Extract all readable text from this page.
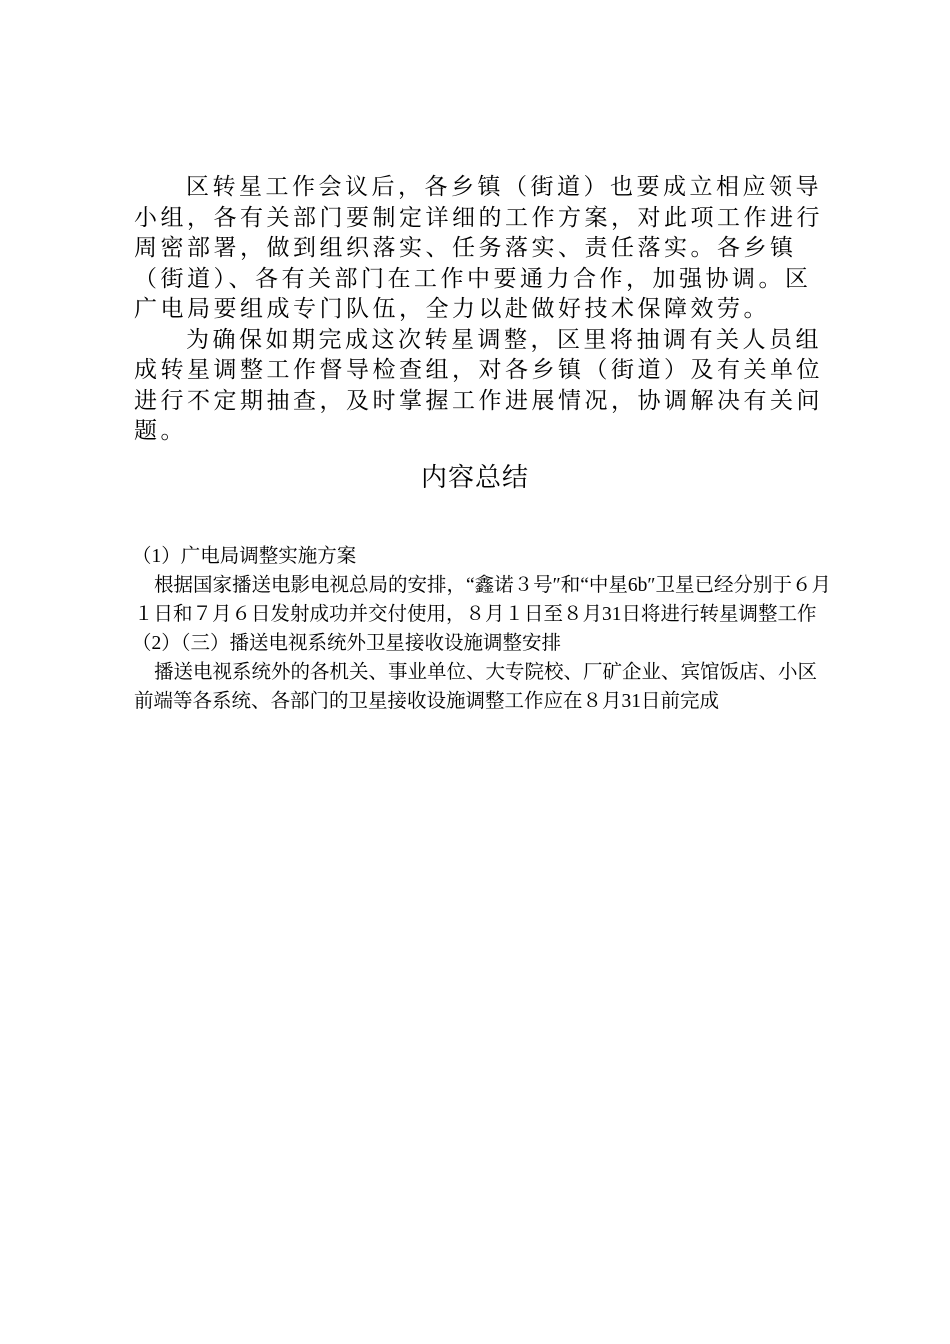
区转星工作会议后，各乡镇（街道）也要成立相应领导小组，各有关部门要制定详细的工作方案，对此项工作进行周密部署，做到组织落实、任务落实、责任落实。各乡镇（街道）、各有关部门在工作中要通力合作，加强协调。区广电局要组成专门队伍，全力以赴做好技术保障效劳。

为确保如期完成这次转星调整，区里将抽调有关人员组成转星调整工作督导检查组，对各乡镇（街道）及有关单位进行不定期抽查，及时掌握工作进展情况，协调解决有关问题。

内容总结

（1）广电局调整实施方案

根据国家播送电影电视总局的安排，“鑫诺３号″和“中星6b″卫星已经分别于６月１日和７月６日发射成功并交付使用，８月１日至８月31日将进行转星调整工作

（2）（三）播送电视系统外卫星接收设施调整安排

播送电视系统外的各机关、事业单位、大专院校、厂矿企业、宾馆饭店、小区前端等各系统、各部门的卫星接收设施调整工作应在８月31日前完成
